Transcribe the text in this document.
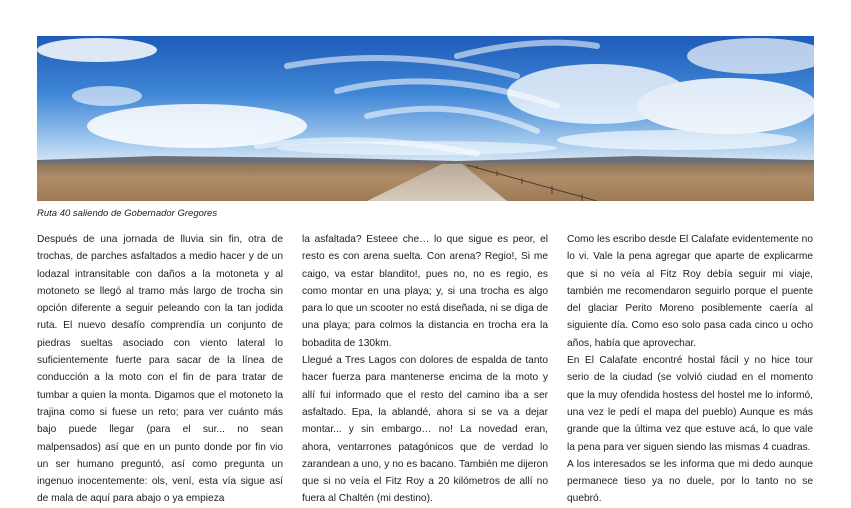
Ruta 40 saliendo de Gobernador Gregores

Después de una jornada de lluvia sin fin, otra de trochas, de parches asfaltados a medio hacer y de un lodazal intransitable con daños a la motoneta y al motoneto se llegó al tramo más largo de trocha sin opción diferente a seguir peleando con la tan jodida ruta. El nuevo desafío comprendía un conjunto de piedras sueltas asociado con viento lateral lo suficientemente fuerte para sacar de la línea de conducción a la moto con el fin de para tratar de tumbar a quien la monta. Digamos que el motoneto la trajina como si fuese un reto; para ver cuánto más bajo puede llegar (para el sur... no sean malpensados) así que en un punto donde por fin vio un ser humano preguntó, así como pregunta un ingenuo inocentemente: ols, vení, esta vía sigue así de mala de aquí para abajo o ya empieza

la asfaltada? Esteee che… lo que sigue es peor, el resto es con arena suelta. Con arena? Regio!, Si me caigo, va estar blandito!, pues no, no es regio, es como montar en una playa; y, si una trocha es algo para lo que un scooter no está diseñada, ni se diga de una playa; para colmos la distancia en trocha era la bobadita de 130km.

Llegué a Tres Lagos con dolores de espalda de tanto hacer fuerza para mantenerse encima de la moto y allí fui informado que el resto del camino iba a ser asfaltado. Epa, la ablandé, ahora si se va a dejar montar... y sin embargo… no! La novedad eran, ahora, ventarrones patagónicos que de verdad lo zarandean a uno, y no es bacano. También me dijeron que si no veía el Fitz Roy a 20 kilómetros de allí no fuera al Chaltén (mi destino).

Como les escribo desde El Calafate evidentemente no lo vi. Vale la pena agregar que aparte de explicarme que si no veía al Fitz Roy debía seguir mi viaje, también me recomendaron seguirlo porque el puente del glaciar Perito Moreno posiblemente caería al siguiente día. Como eso solo pasa cada cinco u ocho años, había que aprovechar.

En El Calafate encontré hostal fácil y no hice tour serio de la ciudad (se volvió ciudad en el momento que la muy ofendida hostess del hostel me lo informó, una vez le pedí el mapa del pueblo) Aunque es más grande que la última vez que estuve acá, lo que vale la pena para ver siguen siendo las mismas 4 cuadras.

A los interesados se les informa que mi dedo aunque permanece tieso ya no duele, por lo tanto no se quebró.
